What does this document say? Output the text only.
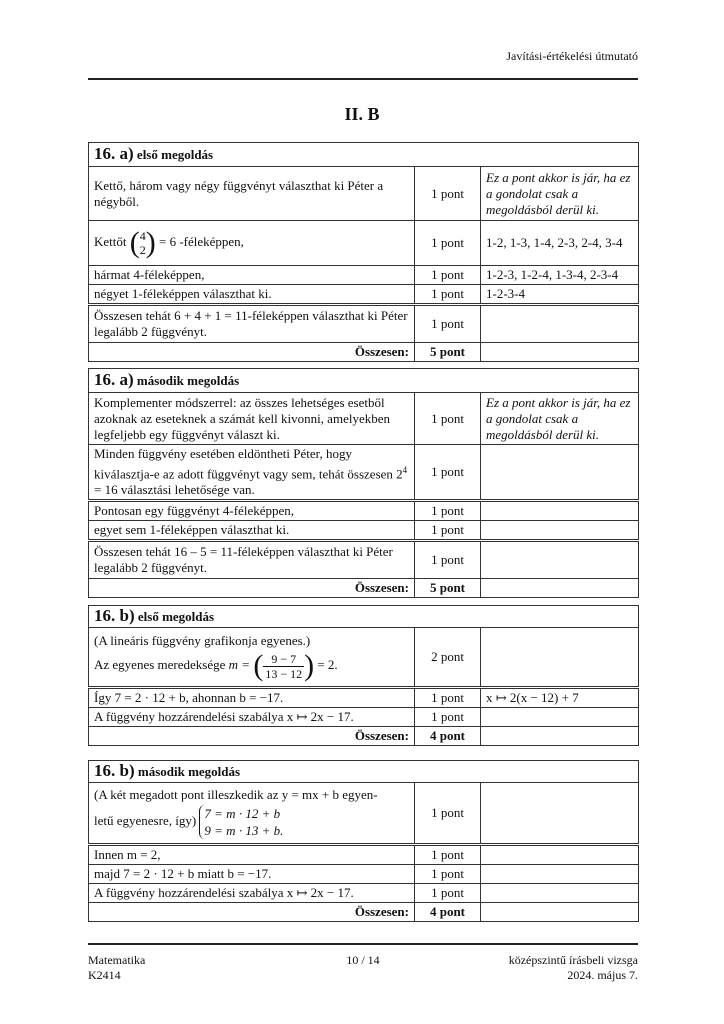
Javítási-értékelési útmutató
II. B
16. a) első megoldás		
Kettő, három vagy négy függvényt választhat ki Péter a négyből.	1 pont	Ez a pont akkor is jár, ha ez a gondolat csak a megoldásból derül ki.
Kettőt ( 4
2 ) = 6 -féleképpen,	1 pont	1-2, 1-3, 1-4, 2-3, 2-4, 3-4
hármat 4-féleképpen,	1 pont	1-2-3, 1-2-4, 1-3-4, 2-3-4
négyet 1-féleképpen választhat ki.	1 pont	1-2-3-4
Összesen tehát 6 + 4 + 1 = 11-féleképpen választhat ki Péter legalább 2 függvényt.	1 pont	
Összesen:	5 pont	
16. a) második megoldás		
Komplementer módszerrel: az összes lehetséges esetből azoknak az eseteknek a számát kell kivonni, amelyekben legfeljebb egy függvényt választ ki.	1 pont	Ez a pont akkor is jár, ha ez a gondolat csak a megoldásból derül ki.
Minden függvény esetében eldöntheti Péter, hogy kiválasztja-e az adott függvényt vagy sem, tehát összesen $2^4 = 16$ választási lehetősége van.	1 pont	
Pontosan egy függvényt 4-féleképpen,	1 pont	
egyet sem 1-féleképpen választhat ki.	1 pont	
Összesen tehát 16 – 5 = 11-féleképpen választhat ki Péter legalább 2 függvényt.	1 pont	
Összesen:	5 pont	
16. b) első megoldás		

(A lineáris függvény grafikonja egyenes.)
Az egyenes meredeksége m = ( $\frac{9 - 7}{13 - 12}$ ) = 2.	2 pont	
Így 7 = 2 · 12 + b, ahonnan b = −17.	1 pont	x ↦ 2(x − 12) + 7
A függvény hozzárendelési szabálya x ↦ 2x − 17.	1 pont	
Összesen:	4 pont	
16. b) második megoldás		

(A két megadott pont illeszkedik az y = mx + b egyen-
letű egyenesre, így) 7 = m · 12 + b
9 = m · 13 + b.	1 pont	
Innen m = 2,	1 pont	
majd 7 = 2 · 12 + b miatt b = −17.	1 pont	
A függvény hozzárendelési szabálya x ↦ 2x − 17.	1 pont	
Összesen:	4 pont	
Matematika
K2414
10 / 14	középszintű írásbeli vizsga
2024. május 7.
